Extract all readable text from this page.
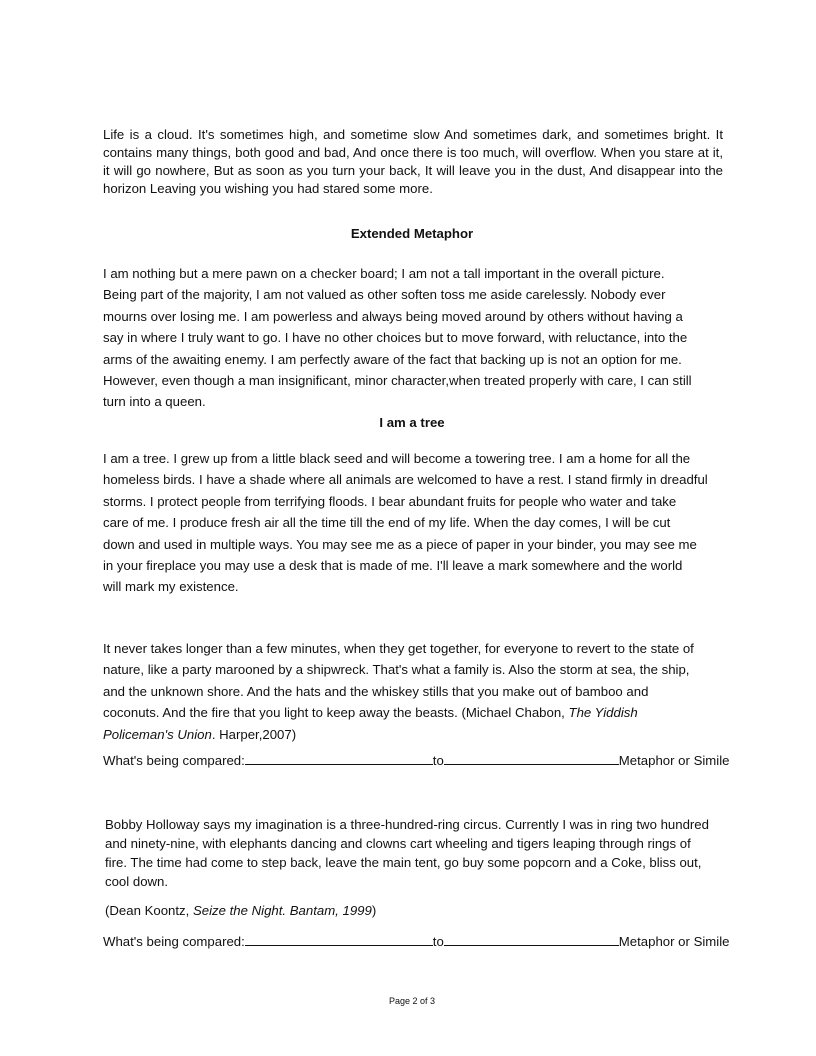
Life is a cloud. It's sometimes high, and sometime slow And sometimes dark, and sometimes bright. It contains many things, both good and bad, And once there is too much, will overflow. When you stare at it, it will go nowhere, But as soon as you turn your back, It will leave you in the dust, And disappear into the horizon Leaving you wishing you had stared some more.
Extended Metaphor
I am nothing but a mere pawn on a checker board; I am not a tall important in the overall picture.
Being part of the majority, I am not valued as other soften toss me aside carelessly. Nobody ever
mourns over losing me. I am powerless and always being moved around by others without having a
say in where I truly want to go. I have no other choices but to move forward, with reluctance, into the
arms of the awaiting enemy. I am perfectly aware of the fact that backing up is not an option for me.
However, even though a man insignificant, minor character,when treated properly with care, I can still
turn into a queen.
I am a tree
I am a tree. I grew up from a little black seed and will become a towering tree. I am a home for all the
homeless birds. I have a shade where all animals are welcomed to have a rest. I stand firmly in dreadful
storms. I protect people from terrifying floods. I bear abundant fruits for people who water and take
care of me. I produce fresh air all the time till the end of my life. When the day comes, I will be cut
down and used in multiple ways. You may see me as a piece of paper in your binder, you may see me
in your fireplace you may use a desk that is made of me. I'll leave a mark somewhere and the world
will mark my existence.
It never takes longer than a few minutes, when they get together, for everyone to revert to the state of
nature, like a party marooned by a shipwreck. That's what a family is. Also the storm at sea, the ship,
and the unknown shore. And the hats and the whiskey stills that you make out of bamboo and
coconuts. And the fire that you light to keep away the beasts. (Michael Chabon, The Yiddish
Policeman's Union. Harper,2007)
What's being compared:	to	Metaphor or Simile
Bobby Holloway says my imagination is a three-hundred-ring circus. Currently I was in ring two hundred
and ninety-nine, with elephants dancing and clowns cart wheeling and tigers leaping through rings of
fire. The time had come to step back, leave the main tent, go buy some popcorn and a Coke, bliss out,
cool down.
(Dean Koontz, Seize the Night. Bantam, 1999)
What's being compared:	to	Metaphor or Simile
Page 2 of 3
